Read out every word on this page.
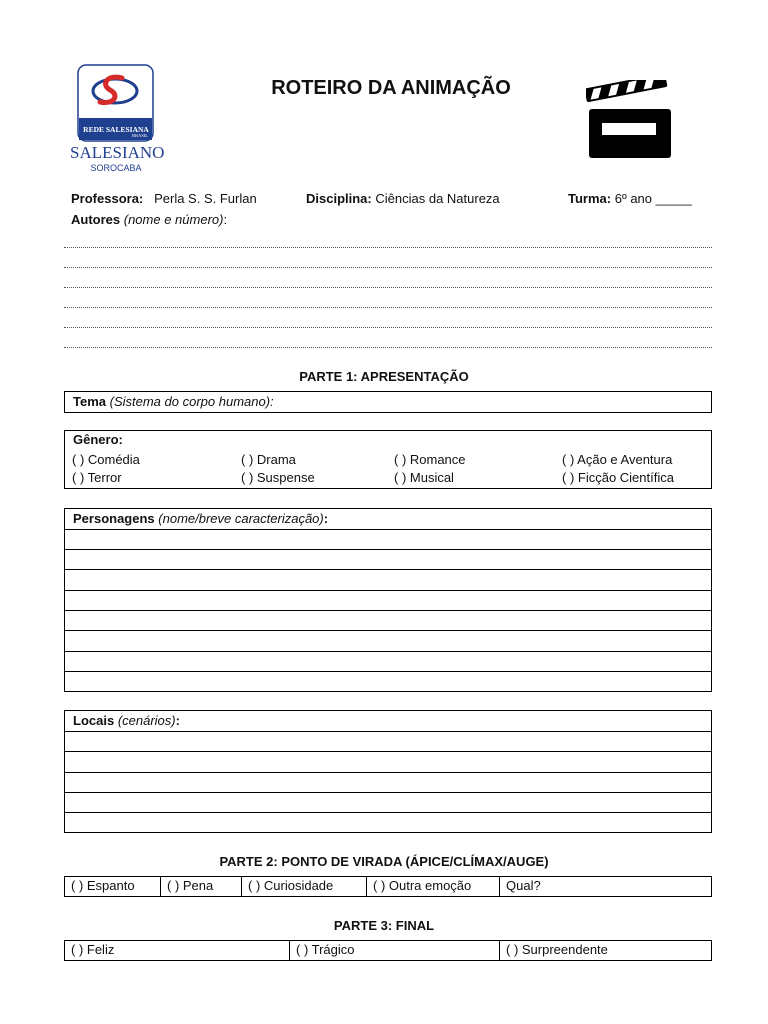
REDE SALESIANA
BRASIL
SALESIANO
SOROCABA
ROTEIRO DA ANIMAÇÃO
Professora: Perla S. S. Furlan	Disciplina: Ciências da Natureza	Turma: 6º ano _____
Autores (nome e número):
PARTE 1: APRESENTAÇÃO
Tema (Sistema do corpo humano):
Gênero:
( ) Comédia	( ) Drama	( ) Romance	( ) Ação e Aventura
( ) Terror	( ) Suspense	( ) Musical	( ) Ficção Científica
Personagens (nome/breve caracterização):
Locais (cenários):
PARTE 2: PONTO DE VIRADA (ÁPICE/CLÍMAX/AUGE)
( ) Espanto	( ) Pena	( ) Curiosidade	( ) Outra emoção	Qual?
PARTE 3: FINAL
( ) Feliz	( ) Trágico	( ) Surpreendente
